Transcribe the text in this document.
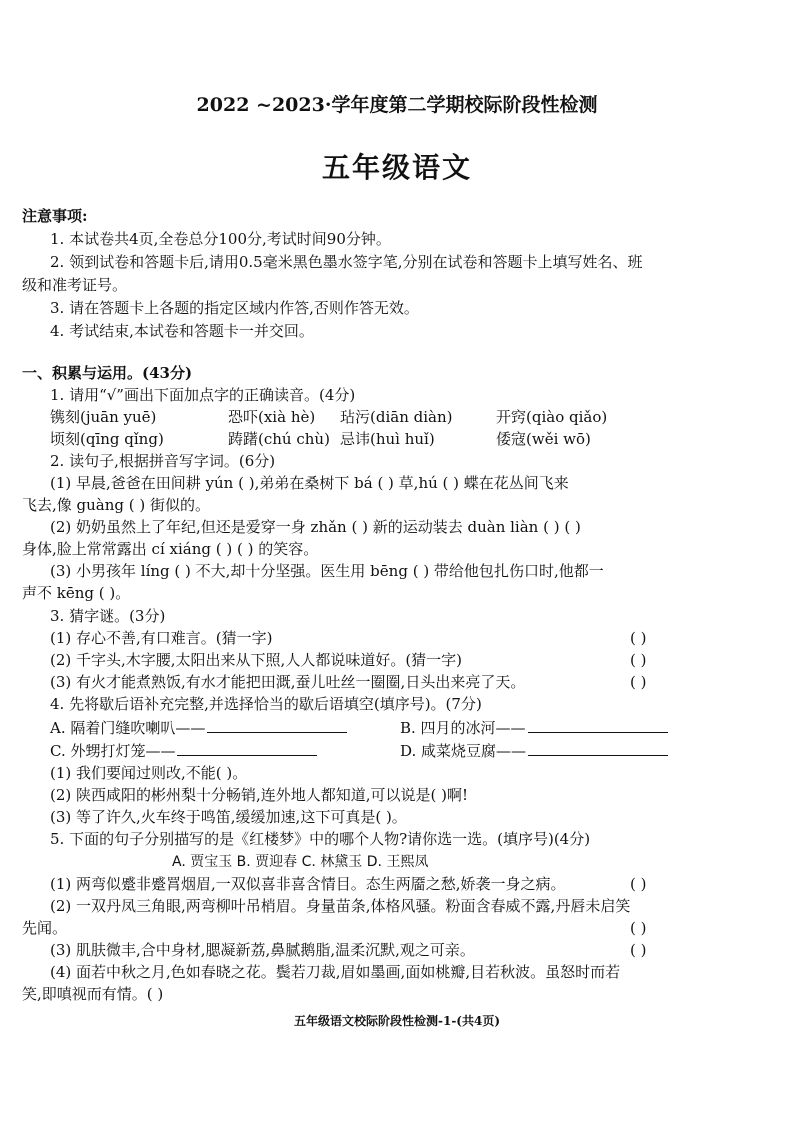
2022 ~2023·学年度第二学期校际阶段性检测
五年级语文
注意事项:
1. 本试卷共4页,全卷总分100分,考试时间90分钟。
2. 领到试卷和答题卡后,请用0.5毫米黑色墨水签字笔,分别在试卷和答题卡上填写姓名、班
级和准考证号。
3. 请在答题卡上各题的指定区域内作答,否则作答无效。
4. 考试结束,本试卷和答题卡一并交回。
一、积累与运用。(43分)
1. 请用“√”画出下面加点字的正确读音。(4分)
镌刻(juān yuē)	恐吓(xià hè) 玷污(diān diàn)	开窍(qiào qiǎo)
顷刻(qīng qǐng)	踌躇(chú chù) 忌讳(huì huǐ)	倭寇(wěi wō)
2. 读句子,根据拼音写字词。(6分)
(1) 早晨,爸爸在田间耕 yún ( ),弟弟在桑树下 bá ( ) 草,hú ( ) 蝶在花丛间飞来
飞去,像 guàng ( ) 街似的。
(2) 奶奶虽然上了年纪,但还是爱穿一身 zhǎn ( ) 新的运动装去 duàn liàn ( ) ( )
身体,脸上常常露出 cí xiáng ( ) ( ) 的笑容。
(3) 小男孩年 líng ( ) 不大,却十分坚强。医生用 bēng ( ) 带给他包扎伤口时,他都一
声不 kēng ( )。
3. 猜字谜。(3分)
(1) 存心不善,有口难言。(猜一字)	( )
(2) 千字头,木字腰,太阳出来从下照,人人都说味道好。(猜一字)	( )
(3) 有火才能煮熟饭,有水才能把田溉,蚕儿吐丝一圈圈,日头出来亮了天。	( )
4. 先将歇后语补充完整,并选择恰当的歇后语填空(填序号)。(7分)
A. 隔着门缝吹喇叭——	B. 四月的冰河——
C. 外甥打灯笼——	D. 咸菜烧豆腐——
(1) 我们要闻过则改,不能( )。
(2) 陕西咸阳的彬州梨十分畅销,连外地人都知道,可以说是( )啊!
(3) 等了许久,火车终于鸣笛,缓缓加速,这下可真是( )。
5. 下面的句子分别描写的是《红楼梦》中的哪个人物?请你选一选。(填序号)(4分)
A. 贾宝玉 B. 贾迎春 C. 林黛玉 D. 王熙凤
(1) 两弯似蹙非蹙罥烟眉,一双似喜非喜含情目。态生两靥之愁,娇袭一身之病。	( )
(2) 一双丹凤三角眼,两弯柳叶吊梢眉。身量苗条,体格风骚。粉面含春威不露,丹唇未启笑
先闻。	( )
(3) 肌肤微丰,合中身材,腮凝新荔,鼻腻鹅脂,温柔沉默,观之可亲。	( )
(4) 面若中秋之月,色如春晓之花。鬓若刀裁,眉如墨画,面如桃瓣,目若秋波。虽怒时而若
笑,即嗔视而有情。( )
五年级语文校际阶段性检测-1-(共4页)
